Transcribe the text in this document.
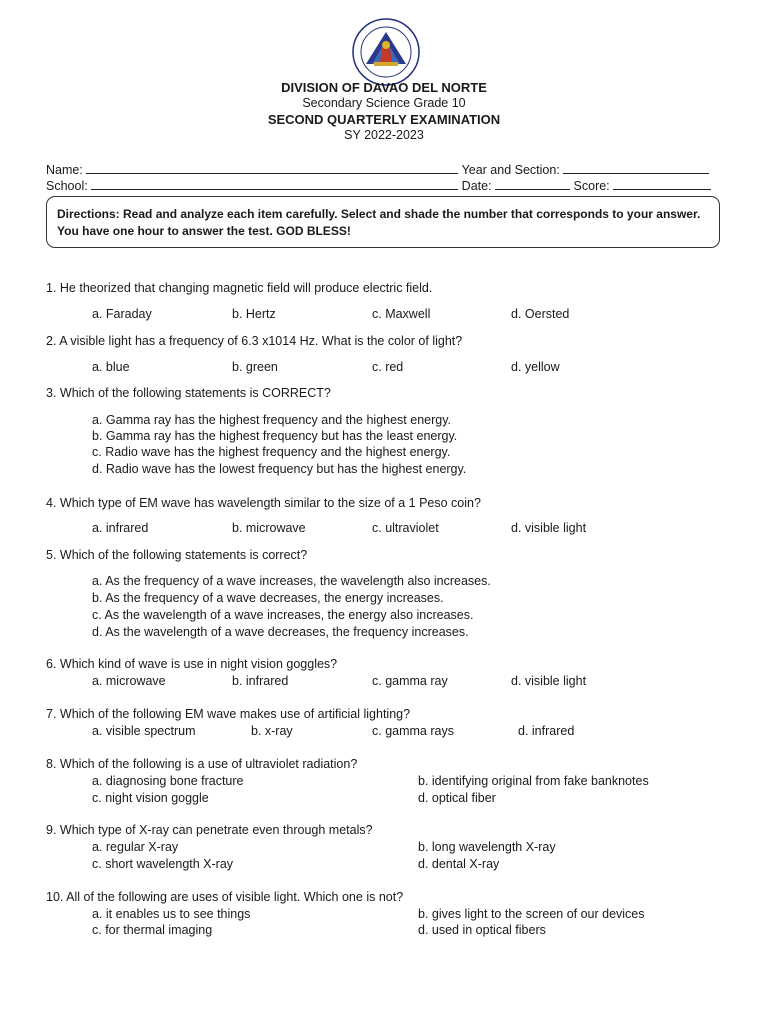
DIVISION OF DAVAO DEL NORTE
Secondary Science Grade 10
SECOND QUARTERLY EXAMINATION
SY 2022-2023
Name:	Year and Section:
School:	Date:	Score:
Directions: Read and analyze each item carefully. Select and shade the number that corresponds to your answer. You have one hour to answer the test. GOD BLESS!
1. He theorized that changing magnetic field will produce electric field.
a. Faraday	b. Hertz	c. Maxwell	d. Oersted
2. A visible light has a frequency of 6.3 x1014 Hz. What is the color of light?
a. blue	b. green	c. red	d. yellow
3. Which of the following statements is CORRECT?
a. Gamma ray has the highest frequency and the highest energy.
b. Gamma ray has the highest frequency but has the least energy.
c. Radio wave has the highest frequency and the highest energy.
d. Radio wave has the lowest frequency but has the highest energy.
4. Which type of EM wave has wavelength similar to the size of a 1 Peso coin?
a. infrared	b. microwave	c. ultraviolet	d. visible light
5. Which of the following statements is correct?
a. As the frequency of a wave increases, the wavelength also increases.
b. As the frequency of a wave decreases, the energy increases.
c. As the wavelength of a wave increases, the energy also increases.
d. As the wavelength of a wave decreases, the frequency increases.
6. Which kind of wave is use in night vision goggles?
a. microwave	b. infrared	c. gamma ray	d. visible light
7. Which of the following EM wave makes use of artificial lighting?
a. visible spectrum	b. x-ray	c. gamma rays	d. infrared
8. Which of the following is a use of ultraviolet radiation?
a. diagnosing bone fracture	b. identifying original from fake banknotes
c. night vision goggle	d. optical fiber
9. Which type of X-ray can penetrate even through metals?
a. regular X-ray	b. long wavelength X-ray
c. short wavelength X-ray	d. dental X-ray
10. All of the following are uses of visible light. Which one is not?
a. it enables us to see things	b. gives light to the screen of our devices
c. for thermal imaging	d. used in optical fibers
